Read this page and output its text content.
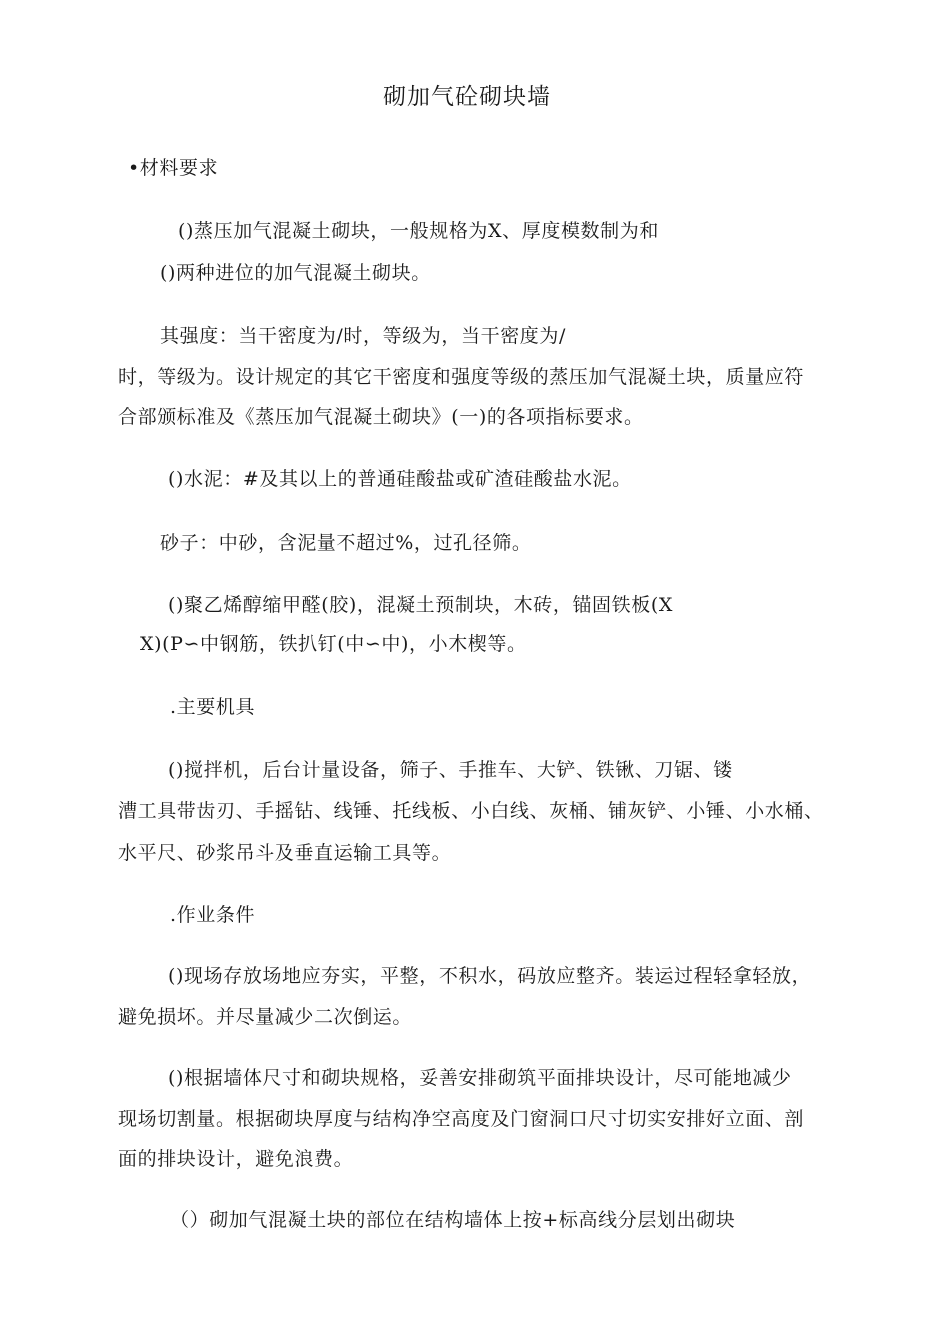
砌加气砼砌块墙
•材料要求
()蒸压加气混凝土砌块，一般规格为X、厚度模数制为和
()两种进位的加气混凝土砌块。
其强度：当干密度为/时，等级为，当干密度为/
时，等级为。设计规定的其它干密度和强度等级的蒸压加气混凝土块，质量应符
合部颁标准及《蒸压加气混凝土砌块》(一)的各项指标要求。
()水泥：#及其以上的普通硅酸盐或矿渣硅酸盐水泥。
砂子：中砂，含泥量不超过%，过孔径筛。
()聚乙烯醇缩甲醛(胶)，混凝土预制块，木砖，锚固铁板(X
X)(P∽中钢筋，铁扒钉(中∽中)，小木楔等。
.主要机具
()搅拌机，后台计量设备，筛子、手推车、大铲、铁锹、刀锯、镂
漕工具带齿刃、手摇钻、线锤、托线板、小白线、灰桶、铺灰铲、小锤、小水桶、
水平尺、砂浆吊斗及垂直运输工具等。
.作业条件
()现场存放场地应夯实，平整，不积水，码放应整齐。装运过程轻拿轻放，
避免损坏。并尽量减少二次倒运。
()根据墙体尺寸和砌块规格，妥善安排砌筑平面排块设计，尽可能地减少
现场切割量。根据砌块厚度与结构净空高度及门窗洞口尺寸切实安排好立面、剖
面的排块设计，避免浪费。
（）砌加气混凝土块的部位在结构墙体上按+标高线分层划出砌块
